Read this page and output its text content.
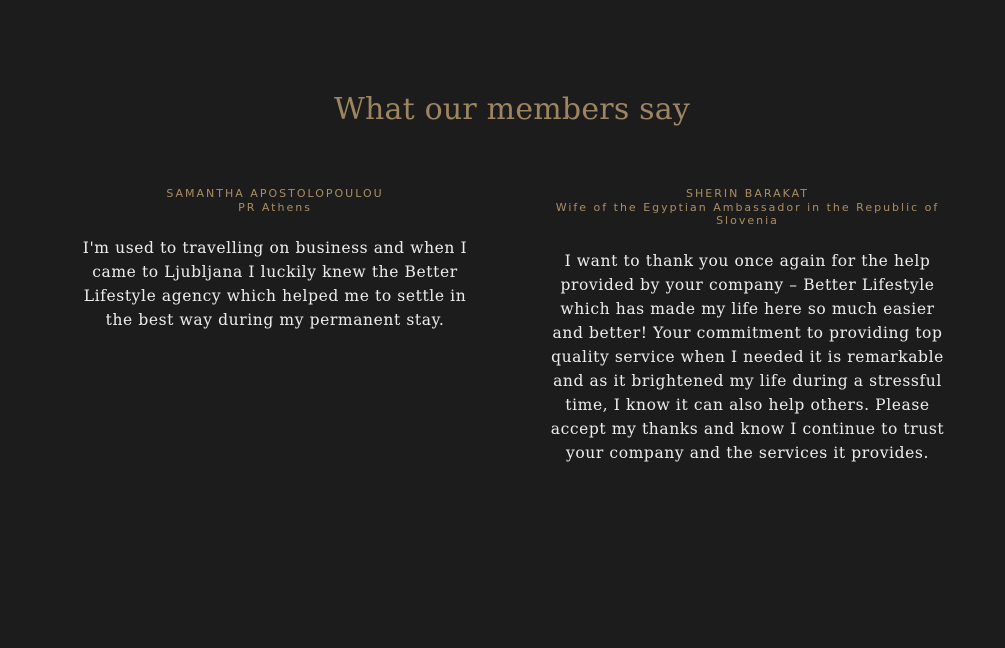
What our members say

SAMANTHA APOSTOLOPOULOU

PR Athens

I'm used to travelling on business and when I came to Ljubljana I luckily knew the Better Lifestyle agency which helped me to settle in the best way during my permanent stay.

SHERIN BARAKAT

Wife of the Egyptian Ambassador in the Republic of Slovenia

I want to thank you once again for the help provided by your company – Better Lifestyle which has made my life here so much easier and better! Your commitment to providing top quality service when I needed it is remarkable and as it brightened my life during a stressful time, I know it can also help others. Please accept my thanks and know I continue to trust your company and the services it provides.
